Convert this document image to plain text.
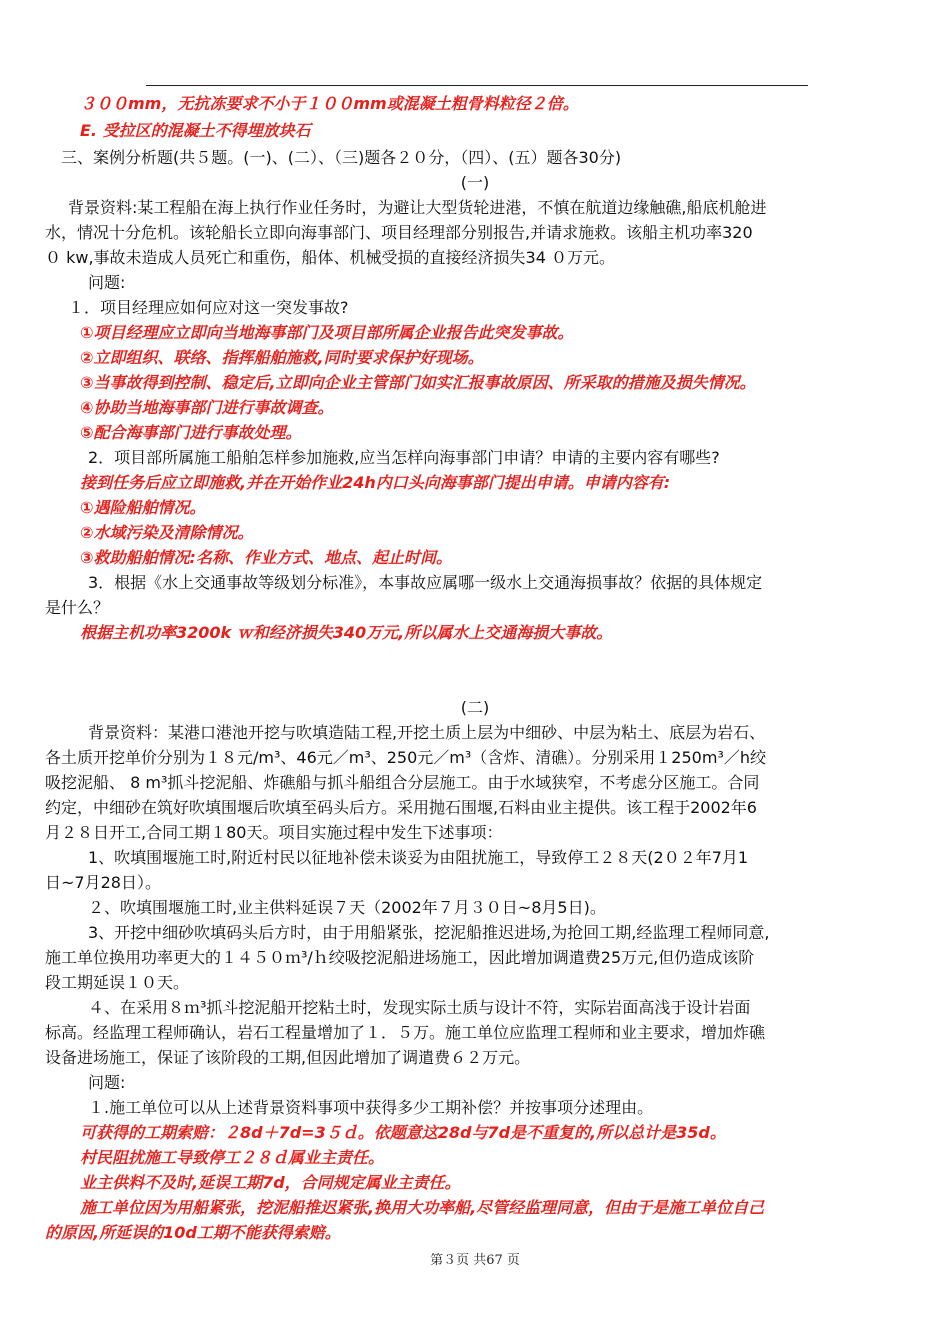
３００mm，无抗冻要求不小于１００mm或混凝土粗骨料粒径２倍。
E. 受拉区的混凝土不得埋放块石
三、案例分析题(共５题。(一)、(二）、（三)题各２０分，（四）、(五）题各30分)
(一)
背景资料:某工程船在海上执行作业任务时，为避让大型货轮进港，不慎在航道边缘触礁,船底机舱进
水，情况十分危机。该轮船长立即向海事部门、项目经理部分别报告,并请求施救。该船主机功率320
０ kw,事故未造成人员死亡和重伤，船体、机械受损的直接经济损失34 ０万元。
问题:
１．项目经理应如何应对这一突发事故?
①项目经理应立即向当地海事部门及项目部所属企业报告此突发事故。
②立即组织、联络、指挥船舶施救,同时要求保护好现场。
③当事故得到控制、稳定后,立即向企业主管部门如实汇报事故原因、所采取的措施及损失情况。
④协助当地海事部门进行事故调查。
⑤配合海事部门进行事故处理。
2．项目部所属施工船舶怎样参加施救,应当怎样向海事部门申请？申请的主要内容有哪些?
接到任务后应立即施救,并在开始作业24h内口头向海事部门提出申请。申请内容有:
①遇险船舶情况。
②水域污染及清除情况。
③救助船舶情况:名称、作业方式、地点、起止时间。
3．根据《水上交通事故等级划分标准》，本事故应属哪一级水上交通海损事故？依据的具体规定
是什么？
根据主机功率3200k ｗ和经济损失340万元,所以属水上交通海损大事故。
(二)
背景资料：某港口港池开挖与吹填造陆工程,开挖土质上层为中细砂、中层为粘土、底层为岩石、
各土质开挖单价分别为１８元/m³、46元／m³、250元／m³（含炸、清礁）。分别采用１250m³／h绞
吸挖泥船、 8 m³抓斗挖泥船、炸礁船与抓斗船组合分层施工。由于水域狭窄，不考虑分区施工。合同
约定，中细砂在筑好吹填围堰后吹填至码头后方。采用抛石围堰,石料由业主提供。该工程于2002年6
月２８日开工,合同工期１80天。项目实施过程中发生下述事项：
1、吹填围堰施工时,附近村民以征地补偿未谈妥为由阻扰施工，导致停工２８天(2０２年7月1
日~7月28日）。
２、吹填围堰施工时,业主供料延误７天（2002年７月３０日~8月5日)。
3、开挖中细砂吹填码头后方时，由于用船紧张，挖泥船推迟进场,为抢回工期,经监理工程师同意,
施工单位换用功率更大的１４５０ｍ³/ｈ绞吸挖泥船进场施工，因此增加调遣费25万元,但仍造成该阶
段工期延误１０天。
４、在采用８ｍ³抓斗挖泥船开挖粘土时，发现实际土质与设计不符，实际岩面高浅于设计岩面
标高。经监理工程师确认，岩石工程量增加了１．５万。施工单位应监理工程师和业主要求，增加炸礁
设备进场施工，保证了该阶段的工期,但因此增加了调遣费６２万元。
问题:
１.施工单位可以从上述背景资料事项中获得多少工期补偿？并按事项分述理由。
可获得的工期索赔：２8d＋7d=3５ｄ。依题意这28d与7d是不重复的,所以总计是35d。
村民阻扰施工导致停工２８ｄ属业主责任。
业主供料不及时,延误工期7d，合同规定属业主责任。
施工单位因为用船紧张，挖泥船推迟紧张,换用大功率船,尽管经监理同意，但由于是施工单位自己
的原因,所延误的10d工期不能获得索赔。
第３页 共67 页
